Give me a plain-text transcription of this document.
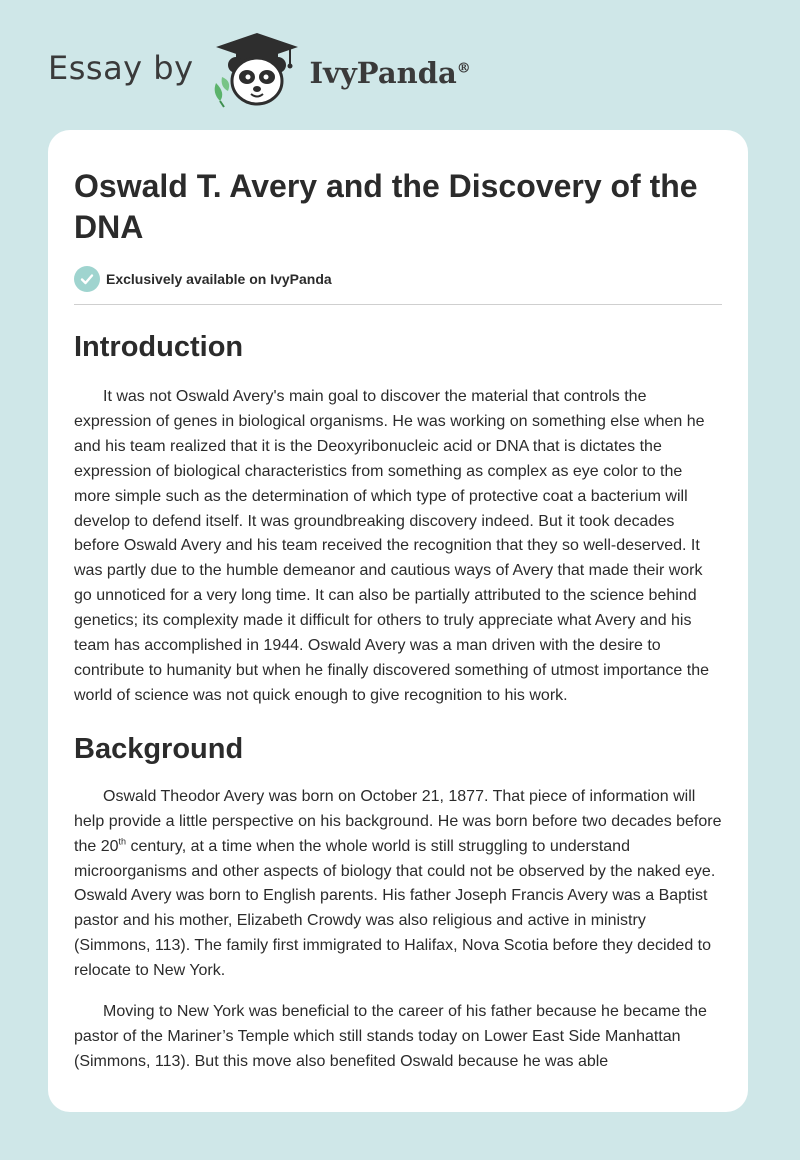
Essay by	IvyPanda®
Oswald T. Avery and the Discovery of the DNA
Exclusively available on IvyPanda
Introduction

It was not Oswald Avery's main goal to discover the material that controls the expression of genes in biological organisms. He was working on something else when he and his team realized that it is the Deoxyribonucleic acid or DNA that is dictates the expression of biological characteristics from something as complex as eye color to the more simple such as the determination of which type of protective coat a bacterium will develop to defend itself. It was groundbreaking discovery indeed. But it took decades before Oswald Avery and his team received the recognition that they so well-deserved. It was partly due to the humble demeanor and cautious ways of Avery that made their work go unnoticed for a very long time. It can also be partially attributed to the science behind genetics; its complexity made it difficult for others to truly appreciate what Avery and his team has accomplished in 1944. Oswald Avery was a man driven with the desire to contribute to humanity but when he finally discovered something of utmost importance the world of science was not quick enough to give recognition to his work.

Background

Oswald Theodor Avery was born on October 21, 1877. That piece of information will help provide a little perspective on his background. He was born before two decades before the 20th century, at a time when the whole world is still struggling to understand microorganisms and other aspects of biology that could not be observed by the naked eye. Oswald Avery was born to English parents. His father Joseph Francis Avery was a Baptist pastor and his mother, Elizabeth Crowdy was also religious and active in ministry (Simmons, 113). The family first immigrated to Halifax, Nova Scotia before they decided to relocate to New York.

Moving to New York was beneficial to the career of his father because he became the pastor of the Mariner’s Temple which still stands today on Lower East Side Manhattan (Simmons, 113). But this move also benefited Oswald because he was able
